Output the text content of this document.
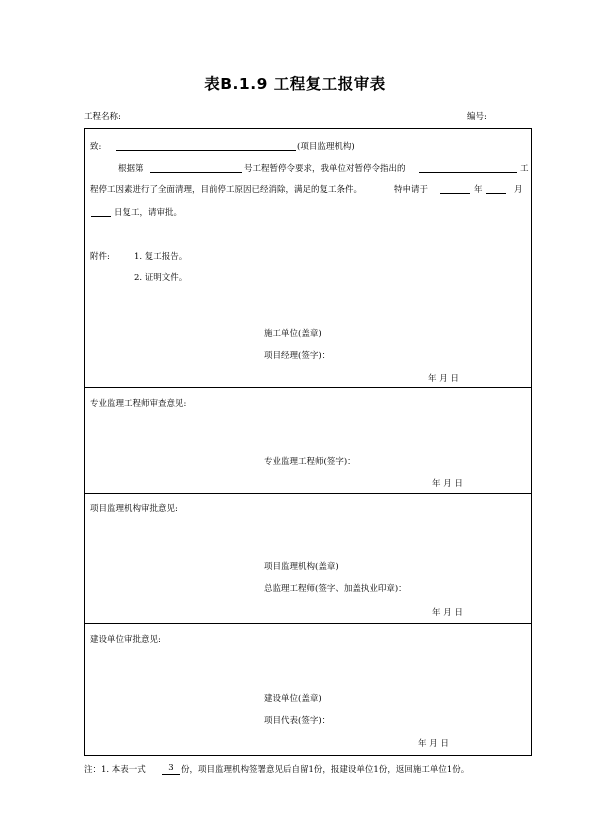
表B.1.9 工程复工报审表
工程名称:	编号:
致:	(项目监理机构)
根据第	号工程暂停令要求，我单位对暂停令指出的	工
程停工因素进行了全面清理，目前停工原因已经消除，满足的复工条件。	特申请于	年	月
日复工，请审批。
附件:	1. 复工报告。
2. 证明文件。
施工单位(盖章)
项目经理(签字)：
年 月 日
专业监理工程师审查意见:
专业监理工程师(签字)：
年 月 日
项目监理机构审批意见:
项目监理机构(盖章)
总监理工程师(签字、加盖执业印章)：
年 月 日
建设单位审批意见:
建设单位(盖章)
项目代表(签字)：
年 月 日
注：1. 本表一式	3 份，项目监理机构签署意见后自留1份，报建设单位1份，返回施工单位1份。
